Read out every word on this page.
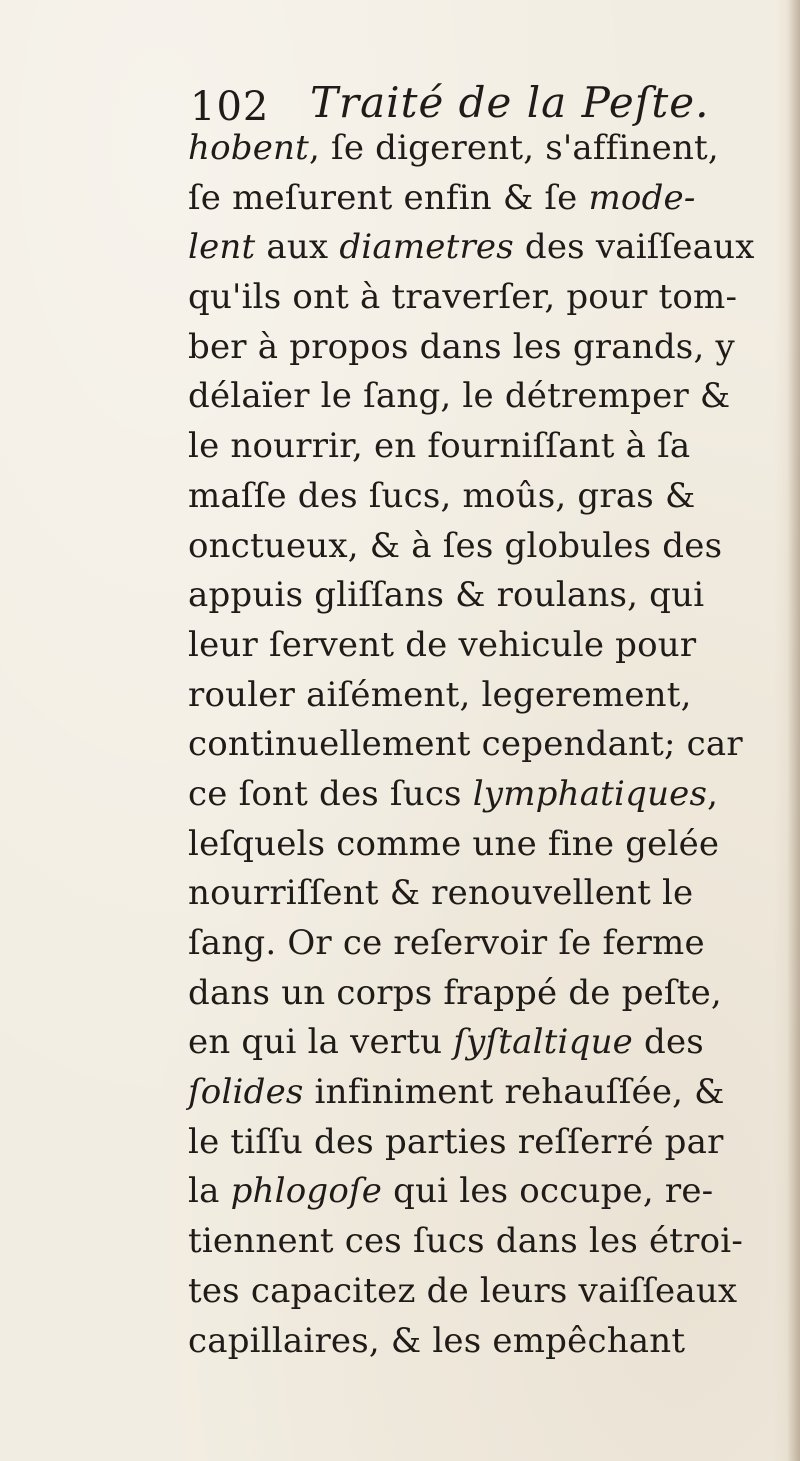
102 Traité de la Peſte.
hobent, ſe digerent, s'affinent,
ſe meſurent enfin & ſe mode-
lent aux diametres des vaiſſeaux
qu'ils ont à traverſer, pour tom-
ber à propos dans les grands, y
délaïer le ſang, le détremper &
le nourrir, en fourniſſant à ſa
maſſe des ſucs, moûs, gras &
onctueux, & à ſes globules des
appuis gliſſans & roulans, qui
leur ſervent de vehicule pour
rouler aiſément, legerement,
continuellement cependant; car
ce ſont des ſucs lymphatiques,
leſquels comme une fine gelée
nourriſſent & renouvellent le
ſang. Or ce reſervoir ſe ferme
dans un corps frappé de peſte,
en qui la vertu ſyſtaltique des
ſolides infiniment rehauſſée, &
le tiſſu des parties reſſerré par
la phlogoſe qui les occupe, re-
tiennent ces ſucs dans les étroi-
tes capacitez de leurs vaiſſeaux
capillaires, & les empêchant
